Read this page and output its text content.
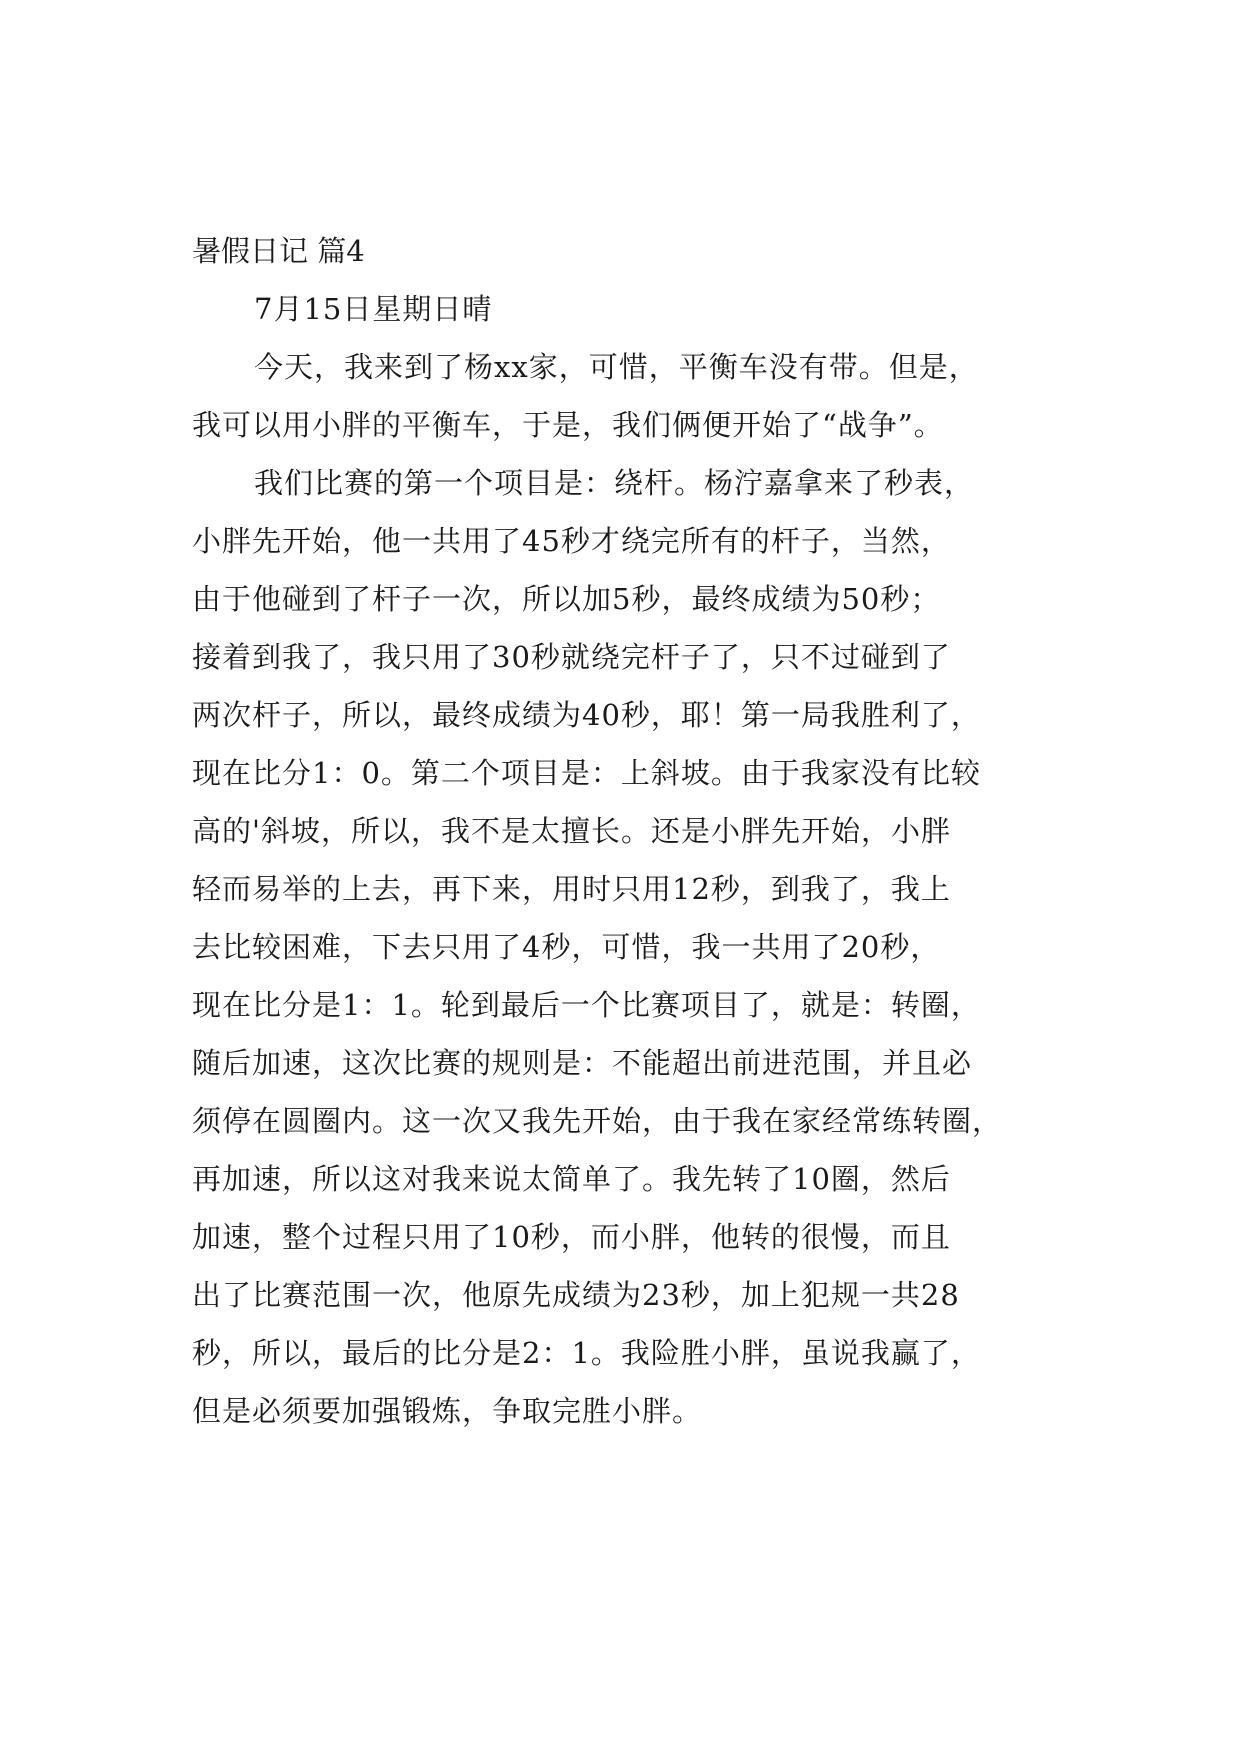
暑假日记 篇4
7月15日星期日晴
今天，我来到了杨xx家，可惜，平衡车没有带。但是，
我可以用小胖的平衡车，于是，我们俩便开始了“战争”。
我们比赛的第一个项目是：绕杆。杨泞嘉拿来了秒表，
小胖先开始，他一共用了45秒才绕完所有的杆子，当然，
由于他碰到了杆子一次，所以加5秒，最终成绩为50秒；
接着到我了，我只用了30秒就绕完杆子了，只不过碰到了
两次杆子，所以，最终成绩为40秒，耶！第一局我胜利了，
现在比分1：0。第二个项目是：上斜坡。由于我家没有比较
高的'斜坡，所以，我不是太擅长。还是小胖先开始，小胖
轻而易举的上去，再下来，用时只用12秒，到我了，我上
去比较困难，下去只用了4秒，可惜，我一共用了20秒，
现在比分是1：1。轮到最后一个比赛项目了，就是：转圈，
随后加速，这次比赛的规则是：不能超出前进范围，并且必
须停在圆圈内。这一次又我先开始，由于我在家经常练转圈，
再加速，所以这对我来说太简单了。我先转了10圈，然后
加速，整个过程只用了10秒，而小胖，他转的很慢，而且
出了比赛范围一次，他原先成绩为23秒，加上犯规一共28
秒，所以，最后的比分是2：1。我险胜小胖，虽说我赢了，
但是必须要加强锻炼，争取完胜小胖。
